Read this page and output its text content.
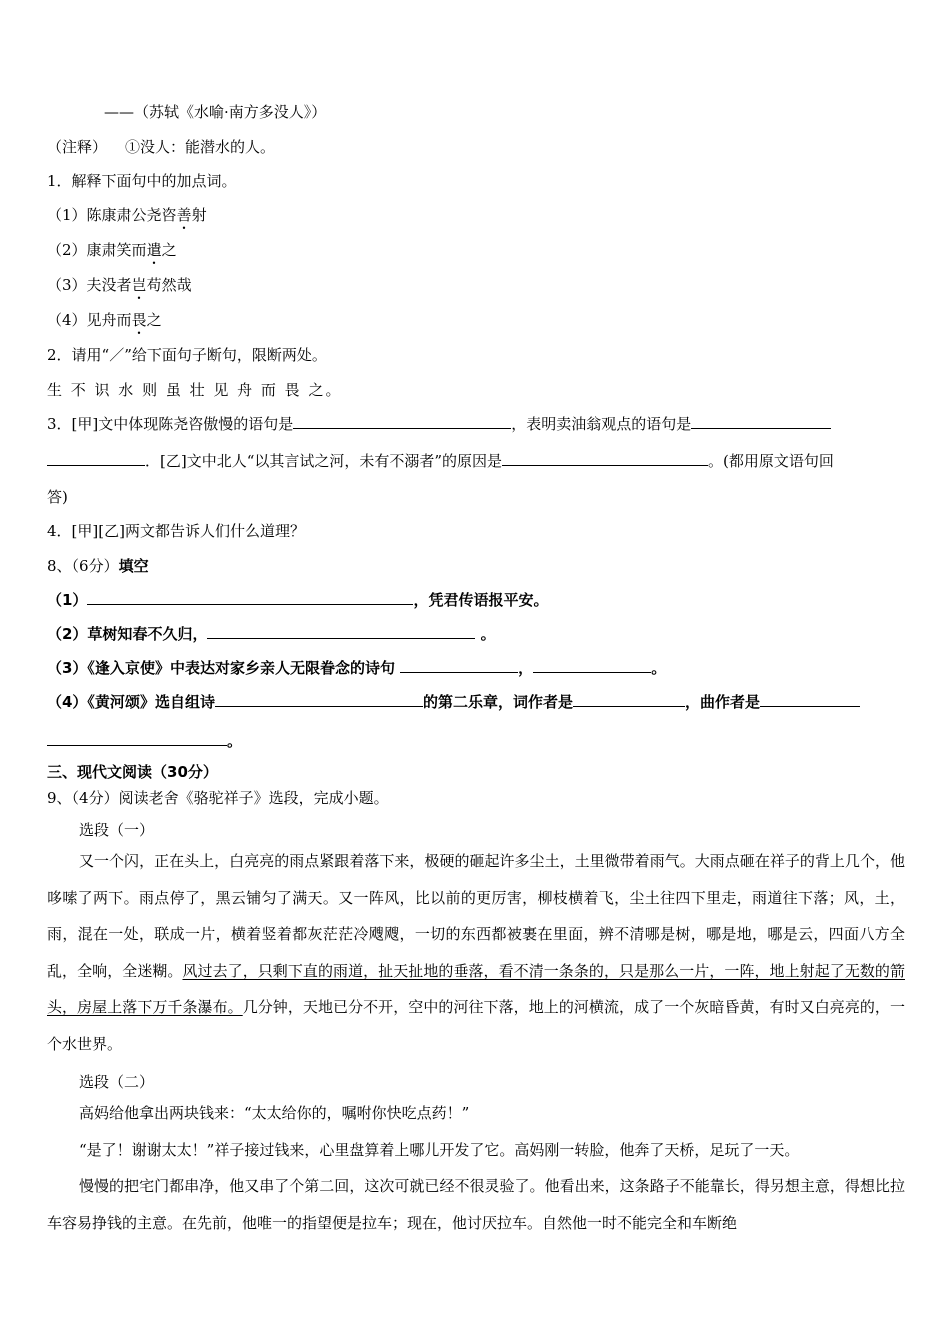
——（苏轼《水喻·南方多没人》）
（注释） ①没人：能潜水的人。
1．解释下面句中的加点词。
（1）陈康肃公尧咨善射
（2）康肃笑而遣之
（3）夫没者岂苟然哉
（4）见舟而畏之
2．请用“／”给下面句子断句，限断两处。
生 不 识 水 则 虽 壮 见 舟 而 畏 之。
3．[甲]文中体现陈尧咨傲慢的语句是	，表明卖油翁观点的语句是
．[乙]文中北人“以其言试之河，未有不溺者”的原因是	。(都用原文语句回
答)
4．[甲][乙]两文都告诉人们什么道理？
8、（6分）填空
（1）	，凭君传语报平安。
（2）草树知春不久归，	。
（3）《逢入京使》中表达对家乡亲人无限眷念的诗句	，	。
（4）《黄河颂》选自组诗	的第二乐章，词作者是	，曲作者是
。
三、现代文阅读（30分）
9、（4分）阅读老舍《骆驼祥子》选段，完成小题。
选段（一）

又一个闪，正在头上，白亮亮的雨点紧跟着落下来，极硬的砸起许多尘土，土里微带着雨气。大雨点砸在祥子的背上几个，他哆嗦了两下。雨点停了，黑云铺匀了满天。又一阵风，比以前的更厉害，柳枝横着飞，尘土往四下里走，雨道往下落；风，土，雨，混在一处，联成一片，横着竖着都灰茫茫冷飕飕，一切的东西都被裹在里面，辨不清哪是树，哪是地，哪是云，四面八方全乱，全响，全迷糊。风过去了，只剩下直的雨道，扯天扯地的垂落，看不清一条条的，只是那么一片，一阵，地上射起了无数的箭头，房屋上落下万千条瀑布。几分钟，天地已分不开，空中的河往下落，地上的河横流，成了一个灰暗昏黄，有时又白亮亮的，一个水世界。

选段（二）

高妈给他拿出两块钱来：“太太给你的，嘱咐你快吃点药！”

“是了！谢谢太太！”祥子接过钱来，心里盘算着上哪儿开发了它。高妈刚一转脸，他奔了天桥，足玩了一天。

慢慢的把宅门都串净，他又串了个第二回，这次可就已经不很灵验了。他看出来，这条路子不能靠长，得另想主意，得想比拉车容易挣钱的主意。在先前，他唯一的指望便是拉车；现在，他讨厌拉车。自然他一时不能完全和车断绝
